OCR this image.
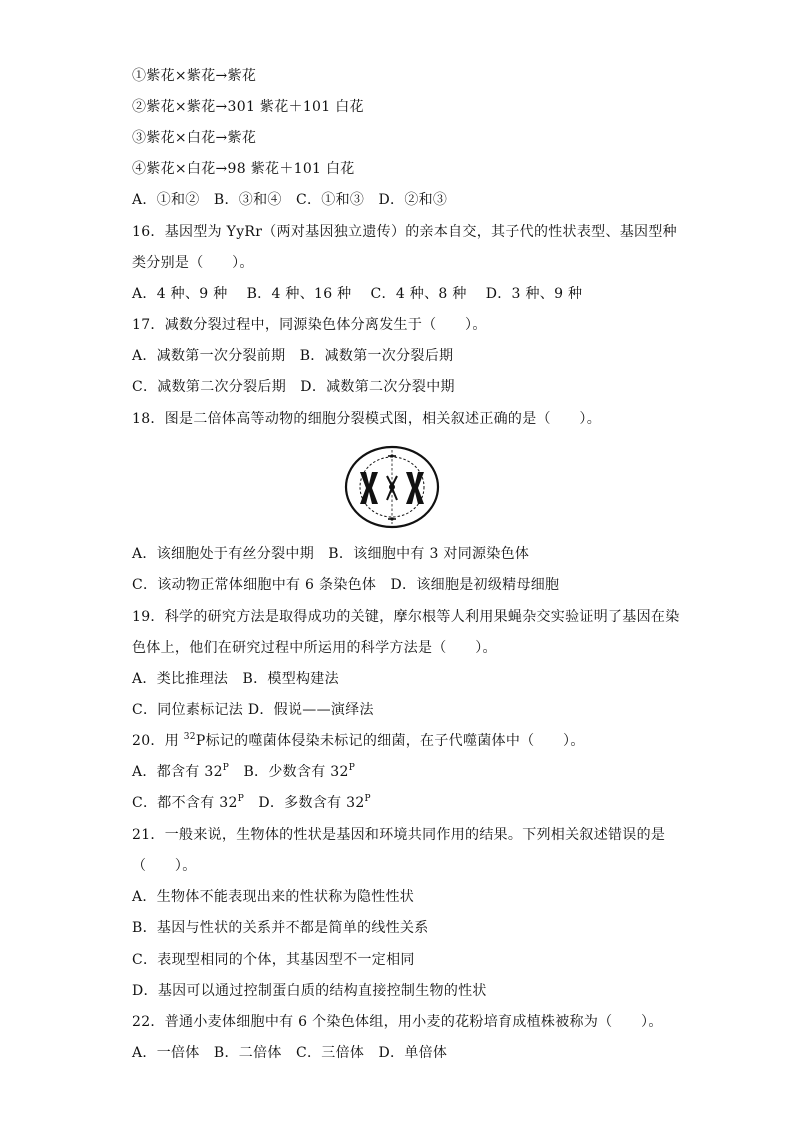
①紫花×紫花→紫花
②紫花×紫花→301 紫花＋101 白花
③紫花×白花→紫花
④紫花×白花→98 紫花＋101 白花
A．①和②　B．③和④　C．①和③　D．②和③
16．基因型为 YyRr（两对基因独立遗传）的亲本自交，其子代的性状表型、基因型种
类分别是（　　）。
A．4 种、9 种　 B．4 种、16 种　 C．4 种、8 种　 D．3 种、9 种
17．减数分裂过程中，同源染色体分离发生于（　　）。
A．减数第一次分裂前期　B．减数第一次分裂后期
C．减数第二次分裂后期　D．减数第二次分裂中期
18．图是二倍体高等动物的细胞分裂模式图，相关叙述正确的是（　　）。
A．该细胞处于有丝分裂中期　B．该细胞中有 3 对同源染色体
C．该动物正常体细胞中有 6 条染色体　D．该细胞是初级精母细胞
19．科学的研究方法是取得成功的关键，摩尔根等人利用果蝇杂交实验证明了基因在染
色体上，他们在研究过程中所运用的科学方法是（　　）。
A．类比推理法　B．模型构建法
C．同位素标记法 D．假说——演绎法
20．用 $^{32}$P标记的噬菌体侵染未标记的细菌，在子代噬菌体中（　　）。
A．都含有 $32^P$　B．少数含有 $32^P$
C．都不含有 $32^P$　D．多数含有 $32^P$
21．一般来说，生物体的性状是基因和环境共同作用的结果。下列相关叙述错误的是
（　　）。
A．生物体不能表现出来的性状称为隐性性状
B．基因与性状的关系并不都是简单的线性关系
C．表现型相同的个体，其基因型不一定相同
D．基因可以通过控制蛋白质的结构直接控制生物的性状
22．普通小麦体细胞中有 6 个染色体组，用小麦的花粉培育成植株被称为（　　）。
A．一倍体　B．二倍体　C．三倍体　D．单倍体
